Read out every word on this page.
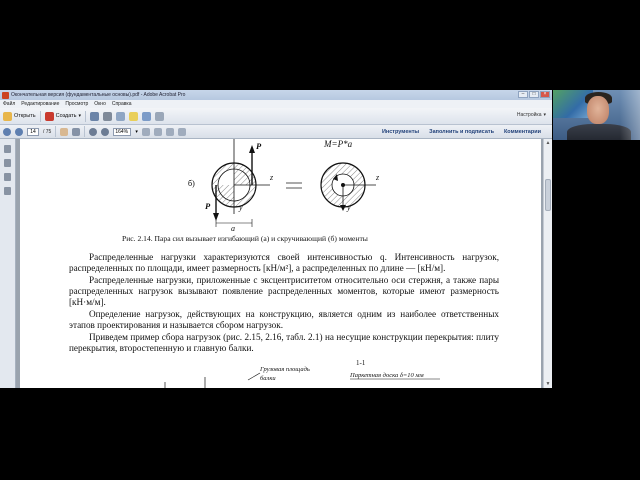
Окончательная версия (фундаментальные основы).pdf - Adobe Acrobat Pro	–	□	×
Файл Редактирование Просмотр Окно Справка
Открыть	Создать ▾	Настройка ▾
14	/ 75	164%	▾	Инструменты	Заполнить и подписать	Комментарии
б)
P
P
z
y
a
M=P*a
z
y
Рис. 2.14. Пара сил вызывает изгибающий (а) и скручивающий (б) моменты

Распределенные нагрузки характеризуются своей интенсивностью q. Интенсивность нагрузок, распределенных по площади, имеет размерность [кН/м²], а распределенных по длине — [кН/м].

Распределенные нагрузки, приложенные с эксцентриситетом относительно оси стержня, а также пары распределенных нагрузок вызывают появление распределенных моментов, которые имеют размерность [кН·м/м].

Определение нагрузок, действующих на конструкцию, является одним из наиболее ответственных этапов проектирования и называется сбором нагрузок.

Приведем пример сбора нагрузок (рис. 2.15, 2.16, табл. 2.1) на несущие конструкции перекрытия: плиту перекрытия, второстепенную и главную балки.

Грузовая площадь
балки
1-1
Паркетная доска δ=10 мм
▲
▼
